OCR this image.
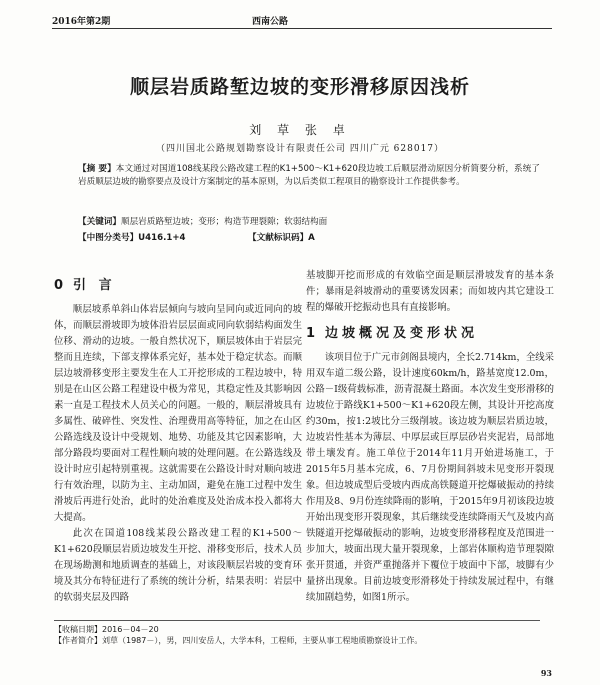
2016年第2期	西南公路
顺层岩质路堑边坡的变形滑移原因浅析
刘 草 张 卓
（四川国北公路规划勘察设计有限责任公司 四川广元 628017）
【摘 要】本文通过对国道108线某段公路改建工程的K1+500～K1+620段边坡工后顺层滑动原因分析简要分析，系统了岩质顺层边坡的勘察要点及设计方案制定的基本原则，为以后类似工程项目的勘察设计工作提供参考。
【关键词】顺层岩质路堑边坡；变形；构造节理裂隙；软弱结构面
【中图分类号】U416.1+4	【文献标识码】A
0 引 言

顺层坡系单斜山体岩层倾向与坡向呈同向或近同向的坡体，而顺层滑坡即为坡体沿岩层层面或同向软弱结构面发生位移、滑动的边坡。一般自然状况下，顺层坡体由于岩层完整而且连续，下部支撑体系完好，基本处于稳定状态。而顺层边坡滑移变形主要发生在人工开挖形成的工程边坡中，特别是在山区公路工程建设中极为常见，其稳定性及其影响因素一直是工程技术人员关心的问题。一般的，顺层滑坡具有多属性、破碎性、突发性、治理费用高等特征，加之在山区公路选线及设计中受规划、地势、功能及其它因素影响，大部分路段均要面对工程性顺向坡的处理问题。在公路选线及设计时应引起特别重视。这就需要在公路设计时对顺向坡进行有效治理，以防为主、主动加固，避免在施工过程中发生滑坡后再进行处治，此时的处治难度及处治成本投入都将大大提高。

此次在国道108线某段公路改建工程的K1+500～K1+620段顺层岩质边坡发生开挖、滑移变形后，技术人员在现场勘测和地质调查的基础上，对该段顺层岩坡的变育环境及其分布特征进行了系统的统计分析，结果表明：岩层中的软弱夹层及四路

基坡脚开挖而形成的有效临空面是顺层滑坡发育的基本条件；暴雨是斜坡滑动的重要诱发因素；而如坡内其它建设工程的爆破开挖振动也具有直接影响。

1 边坡概况及变形状况

该项目位于广元市剑阁县境内，全长2.714km，全线采用双车道二级公路，设计速度60km/h，路基宽度12.0m，公路－Ⅰ级荷载标准，沥青混凝土路面。本次发生变形滑移的边坡位于路线K1+500～K1+620段左侧，其设计开挖高度约30m，按1:2坡比分三级削坡。该边坡为顺层岩质边坡，边坡岩性基本为薄层、中厚层或巨厚层砂岩夹泥岩，局部地带土壤发育。施工单位于2014年11月开始进场施工，于2015年5月基本完成，6、7月份期间斜坡未见变形开裂现象。但边坡成型后受坡内西成高铁隧道开挖爆破振动的持续作用及8、9月份连续降雨的影响，于2015年9月初该段边坡开始出现变形开裂现象，其后继续受连续降雨天气及坡内高铁隧道开挖爆破振动的影响，边坡变形滑移程度及范围进一步加大，坡面出现大量开裂现象，上部岩体顺构造节理裂隙张开贯通，并资严重抛落并下覆位于坡面中下部，坡脚有少量挤出现象。目前边坡变形滑移处于持续发展过程中，有继续加剧趋势，如图1所示。

【收稿日期】2016－04－20
【作者简介】刘草（1987－），男，四川安岳人，大学本科，工程师，主要从事工程地质勘察设计工作。
93
